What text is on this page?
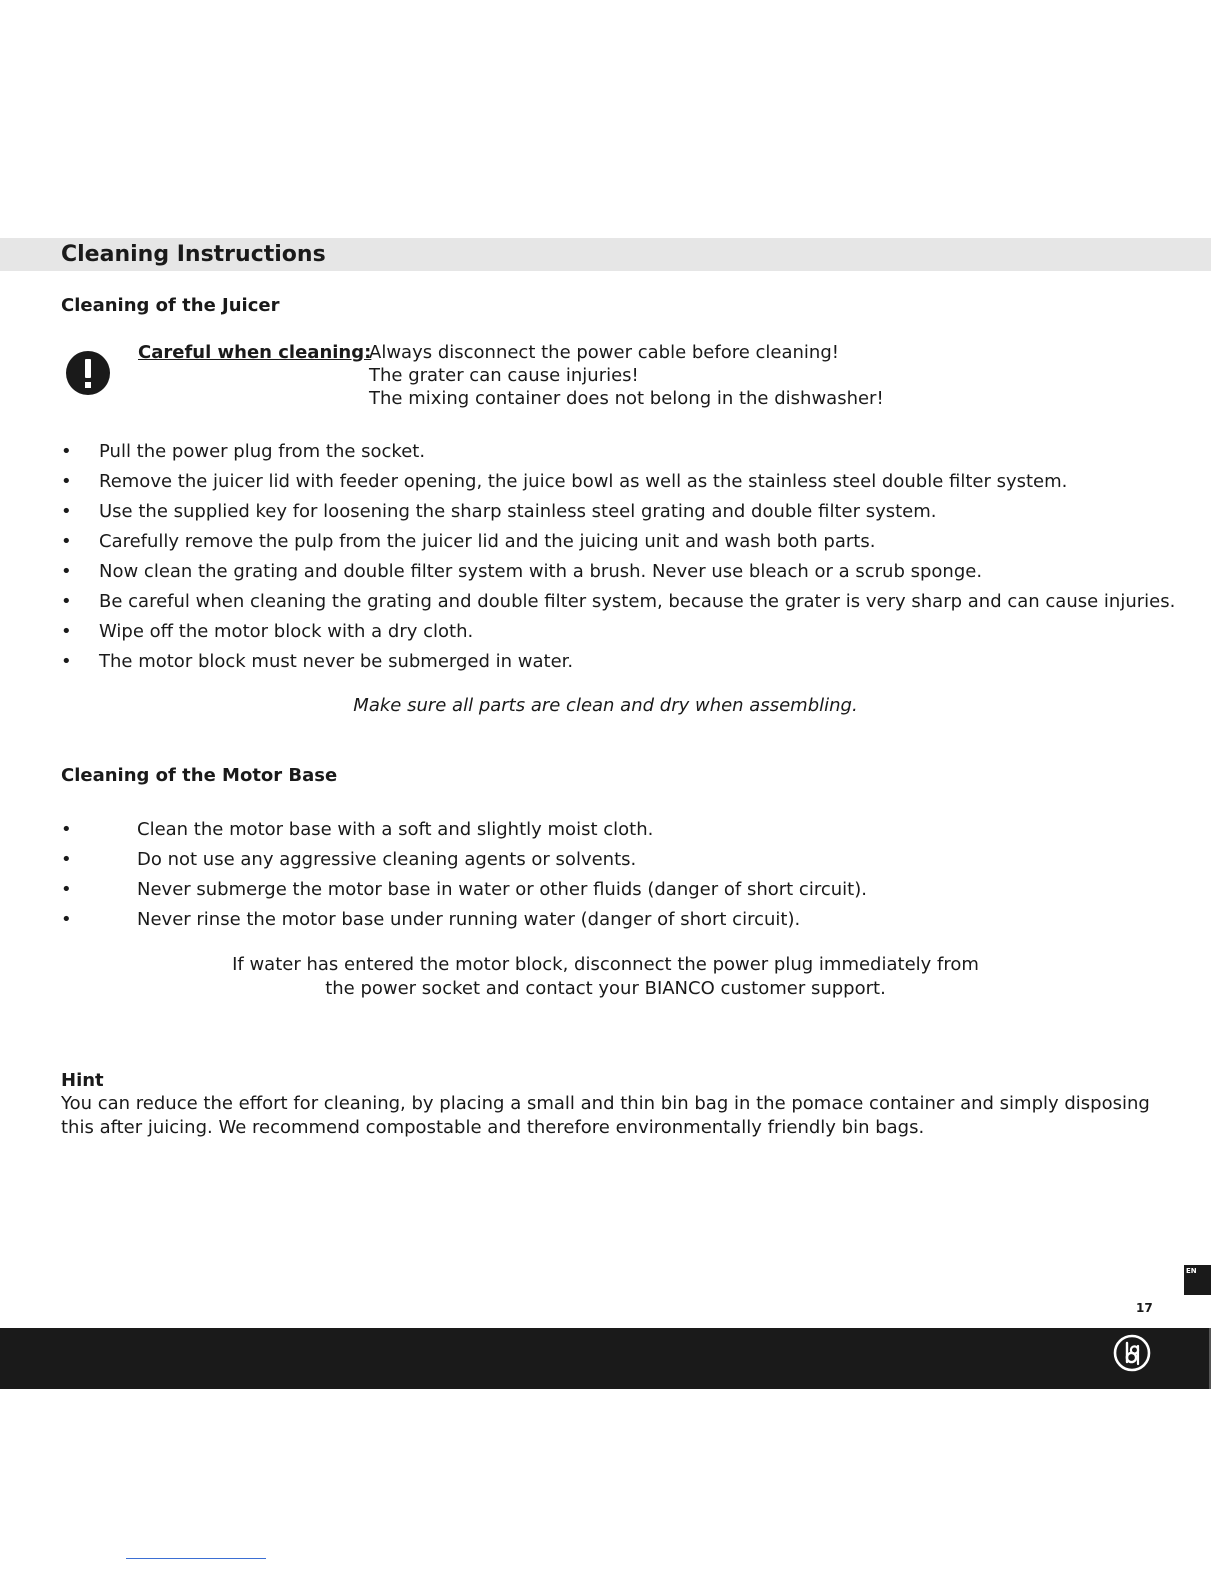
Cleaning Instructions
Cleaning of the Juicer
Careful when cleaning:
Always disconnect the power cable before cleaning!
The grater can cause injuries!
The mixing container does not belong in the dishwasher!
• Pull the power plug from the socket.
• Remove the juicer lid with feeder opening, the juice bowl as well as the stainless steel double filter system.
• Use the supplied key for loosening the sharp stainless steel grating and double filter system.
• Carefully remove the pulp from the juicer lid and the juicing unit and wash both parts.
• Now clean the grating and double filter system with a brush. Never use bleach or a scrub sponge.
• Be careful when cleaning the grating and double filter system, because the grater is very sharp and can cause injuries.
• Wipe off the motor block with a dry cloth.
• The motor block must never be submerged in water.
Make sure all parts are clean and dry when assembling.
Cleaning of the Motor Base
•	Clean the motor base with a soft and slightly moist cloth.
•	Do not use any aggressive cleaning agents or solvents.
•	Never submerge the motor base in water or other fluids (danger of short circuit).
•	Never rinse the motor base under running water (danger of short circuit).
If water has entered the motor block, disconnect the power plug immediately from
the power socket and contact your BIANCO customer support.
Hint
You can reduce the effort for cleaning, by placing a small and thin bin bag in the pomace container and simply disposing this after juicing. We recommend compostable and therefore environmentally friendly bin bags.
EN
17
